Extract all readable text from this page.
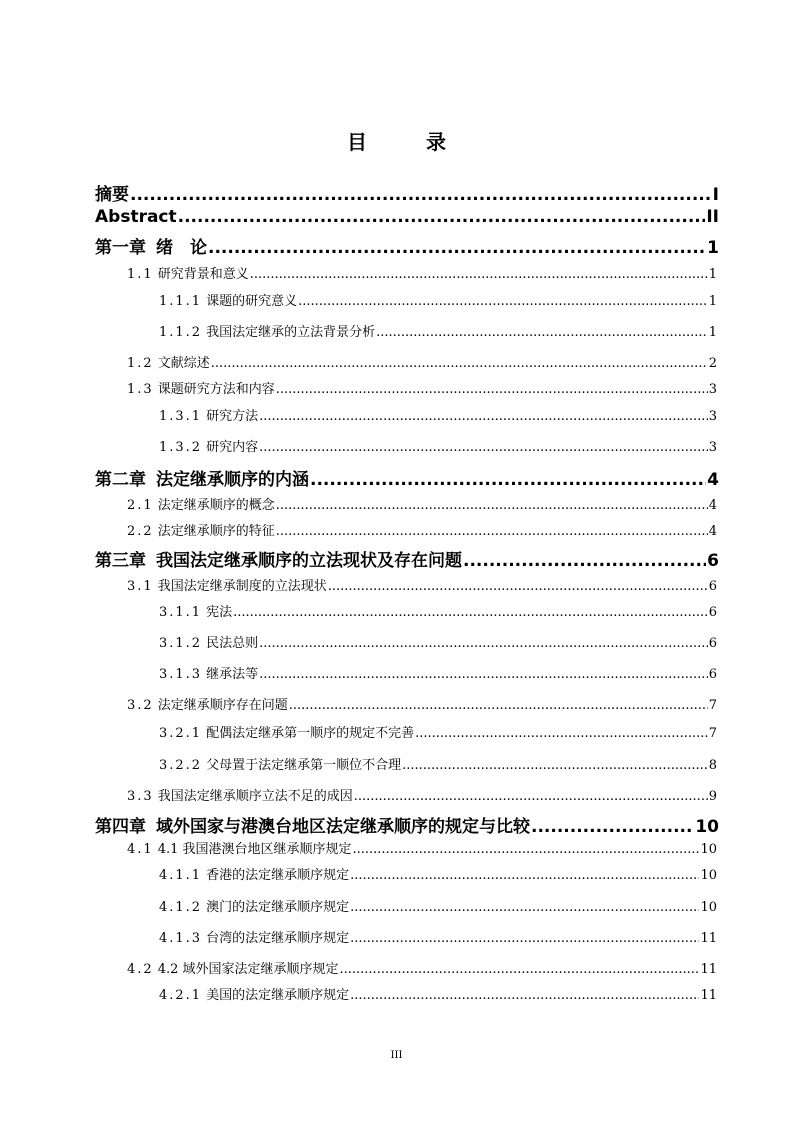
目 录
摘要 .....	I
Abstract .....	II
第一章 绪　论 .....	1
1.1 研究背景和意义 .....	1
1.1.1 课题的研究意义 .....	1
1.1.2 我国法定继承的立法背景分析 .....	1
1.2 文献综述 .....	2
1.3 课题研究方法和内容 .....	3
1.3.1 研究方法 .....	3
1.3.2 研究内容 .....	3
第二章 法定继承顺序的内涵 .....	4
2.1 法定继承顺序的概念 .....	4
2.2 法定继承顺序的特征 .....	4
第三章 我国法定继承顺序的立法现状及存在问题 .....	6
3.1 我国法定继承制度的立法现状 .....	6
3.1.1 宪法 .....	6
3.1.2 民法总则 .....	6
3.1.3 继承法等 .....	6
3.2 法定继承顺序存在问题 .....	7
3.2.1 配偶法定继承第一顺序的规定不完善 .....	7
3.2.2 父母置于法定继承第一顺位不合理 .....	8
3.3 我国法定继承顺序立法不足的成因 .....	9
第四章 域外国家与港澳台地区法定继承顺序的规定与比较 .....	10
4.1 4.1 我国港澳台地区继承顺序规定 .....	10
4.1.1 香港的法定继承顺序规定 .....	10
4.1.2 澳门的法定继承顺序规定 .....	10
4.1.3 台湾的法定继承顺序规定 .....	11
4.2 4.2 域外国家法定继承顺序规定 .....	11
4.2.1 美国的法定继承顺序规定 .....	11
III
